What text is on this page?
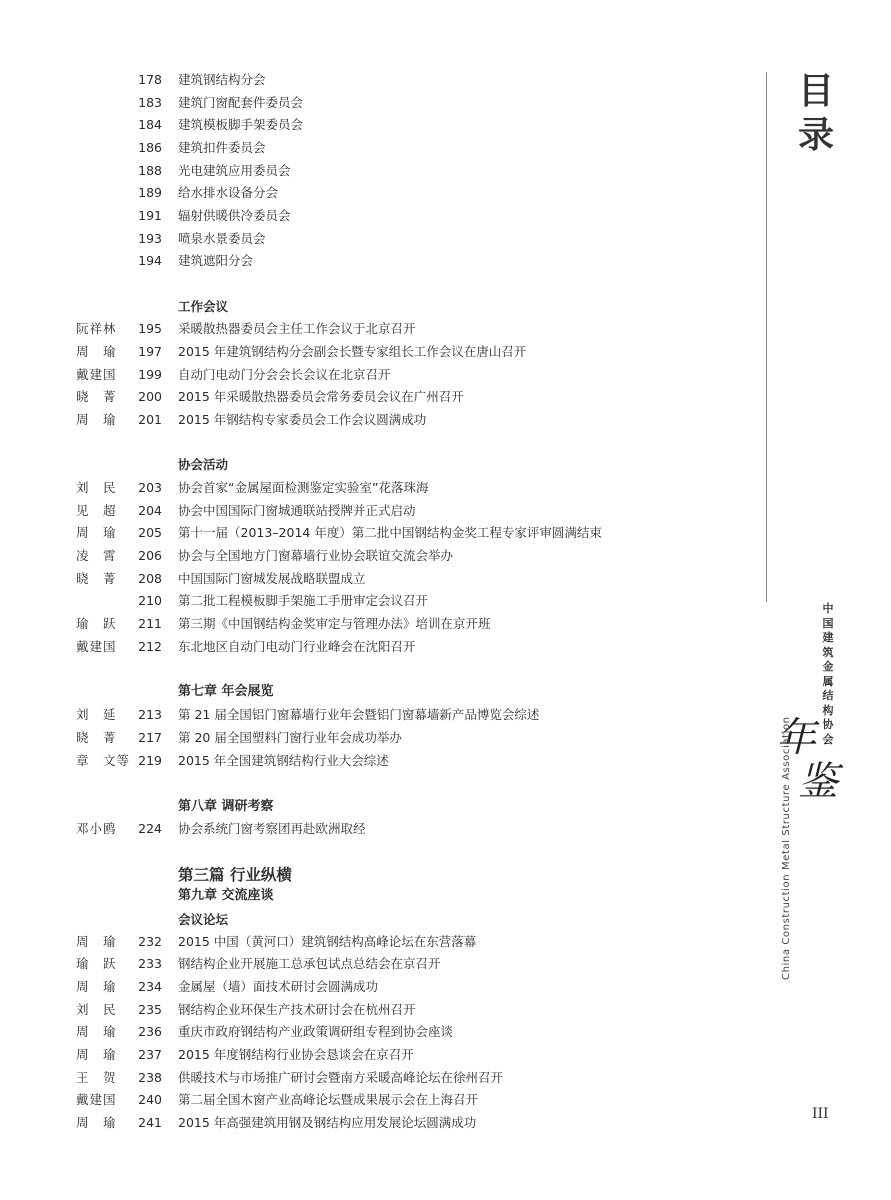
178 建筑钢结构分会
183 建筑门窗配套件委员会
184 建筑模板脚手架委员会
186 建筑扣件委员会
188 光电建筑应用委员会
189 给水排水设备分会
191 辐射供暖供冷委员会
193 喷泉水景委员会
194 建筑遮阳分会
工作会议
阮祥林	195 采暖散热器委员会主任工作会议于北京召开
周　瑜	197 2015 年建筑钢结构分会副会长暨专家组长工作会议在唐山召开
戴建国	199 自动门电动门分会会长会议在北京召开
晓　菁	200 2015 年采暖散热器委员会常务委员会议在广州召开
周　瑜	201 2015 年钢结构专家委员会工作会议圆满成功
协会活动
刘　民	203 协会首家“金属屋面检测鉴定实验室”花落珠海
见　超	204 协会中国国际门窗城通联站授牌并正式启动
周　瑜	205 第十一届（2013–2014 年度）第二批中国钢结构金奖工程专家评审圆满结束
凌　霄	206 协会与全国地方门窗幕墙行业协会联谊交流会举办
晓　菁	208 中国国际门窗城发展战略联盟成立
210 第二批工程模板脚手架施工手册审定会议召开
瑜　跃	211 第三期《中国钢结构金奖审定与管理办法》培训在京开班
戴建国	212 东北地区自动门电动门行业峰会在沈阳召开
第七章 年会展览
刘　延	213 第 21 届全国铝门窗幕墙行业年会暨铝门窗幕墙新产品博览会综述
晓　菁	217 第 20 届全国塑料门窗行业年会成功举办
章　文等 219 2015 年全国建筑钢结构行业大会综述
第八章 调研考察
邓小鸥	224 协会系统门窗考察团再赴欧洲取经
第三篇 行业纵横
第九章 交流座谈
会议论坛
周　瑜	232 2015 中国（黄河口）建筑钢结构高峰论坛在东营落幕
瑜　跃	233 钢结构企业开展施工总承包试点总结会在京召开
周　瑜	234 金属屋（墙）面技术研讨会圆满成功
刘　民	235 钢结构企业环保生产技术研讨会在杭州召开
周　瑜	236 重庆市政府钢结构产业政策调研组专程到协会座谈
周　瑜	237 2015 年度钢结构行业协会恳谈会在京召开
王　贺	238 供暖技术与市场推广研讨会暨南方采暖高峰论坛在徐州召开
戴建国	240 第二届全国木窗产业高峰论坛暨成果展示会在上海召开
周　瑜	241 2015 年高强建筑用钢及钢结构应用发展论坛圆满成功
目
录
中国建筑金属结构协会
年
鉴
China Construction Metal Structure Association
III
